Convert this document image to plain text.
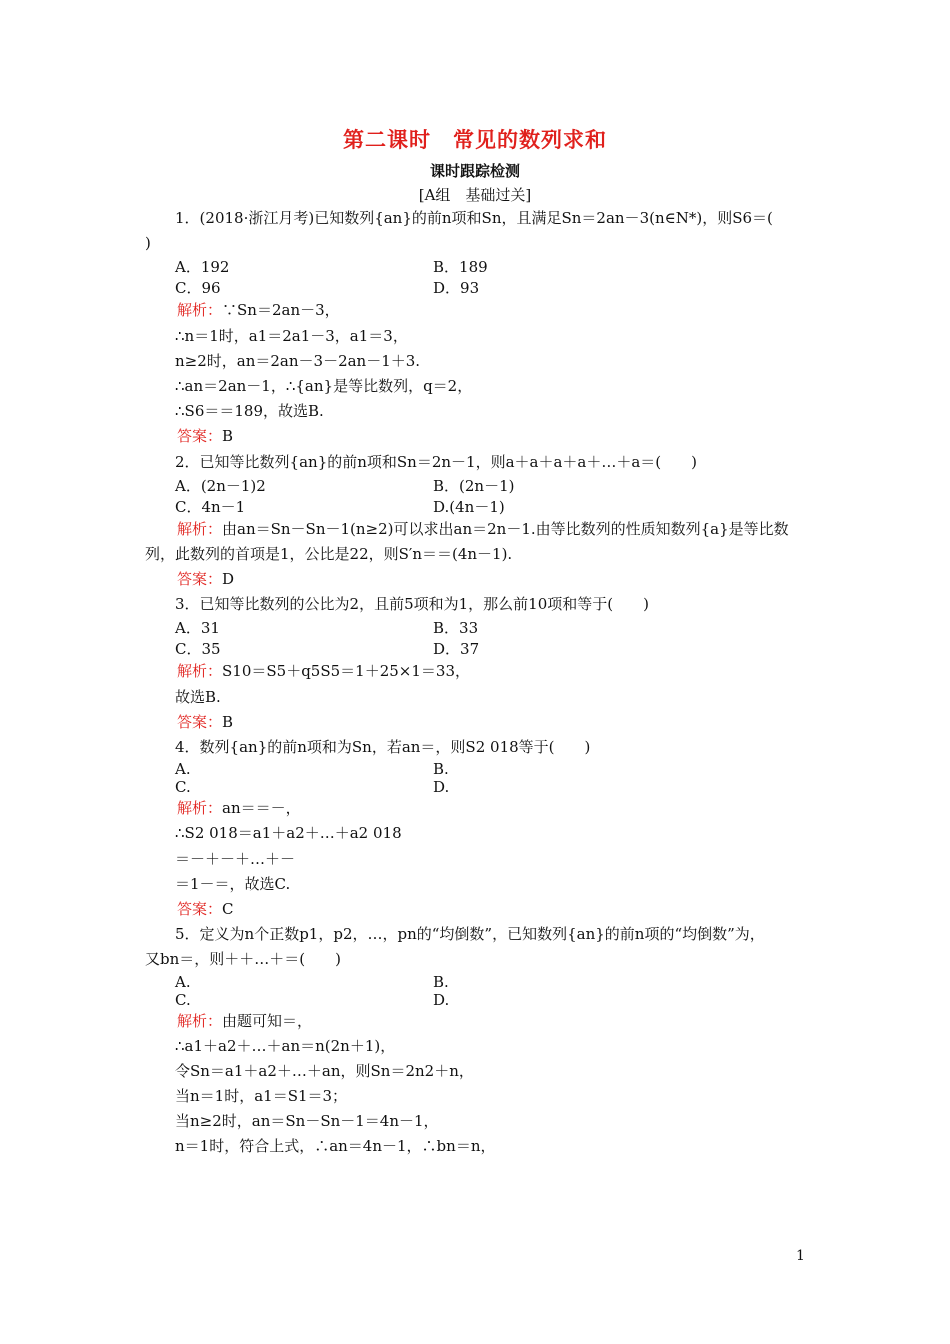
第二课时　常见的数列求和
课时跟踪检测
[A组　基础过关]
1．(2018·浙江月考)已知数列{an}的前n项和Sn，且满足Sn＝2an－3(n∈N*)，则S6＝(
)
A．192	B．189
C．96	D．93
解析：∵Sn＝2an－3，
∴n＝1时，a1＝2a1－3，a1＝3，
n≥2时，an＝2an－3－2an－1＋3.
∴an＝2an－1，∴{an}是等比数列，q＝2，
∴S6＝＝189，故选B.
答案：B
2．已知等比数列{an}的前n项和Sn＝2n－1，则a＋a＋a＋a＋…＋a＝(　　)
A．(2n－1)2	B．(2n－1)
C．4n－1	D.(4n－1)
解析：由an＝Sn－Sn－1(n≥2)可以求出an＝2n－1.由等比数列的性质知数列{a}是等比数
列，此数列的首项是1，公比是22，则S′n＝＝(4n－1).
答案：D
3．已知等比数列的公比为2，且前5项和为1，那么前10项和等于(　　)
A．31	B．33
C．35	D．37
解析：S10＝S5＋q5S5＝1＋25×1＝33，
故选B.
答案：B
4．数列{an}的前n项和为Sn，若an＝，则S2 018等于(　　)
A.	B.
C.	D.
解析：an＝＝－，
∴S2 018＝a1＋a2＋…＋a2 018
＝－＋－＋…＋－
＝1－＝，故选C.
答案：C
5．定义为n个正数p1，p2，…，pn的“均倒数”，已知数列{an}的前n项的“均倒数”为，
又bn＝，则＋＋…＋＝(　　)
A.	B.
C.	D.
解析：由题可知＝，
∴a1＋a2＋…＋an＝n(2n＋1)，
令Sn＝a1＋a2＋…＋an，则Sn＝2n2＋n，
当n＝1时，a1＝S1＝3；
当n≥2时，an＝Sn－Sn－1＝4n－1，
n＝1时，符合上式，∴an＝4n－1，∴bn＝n，
1
